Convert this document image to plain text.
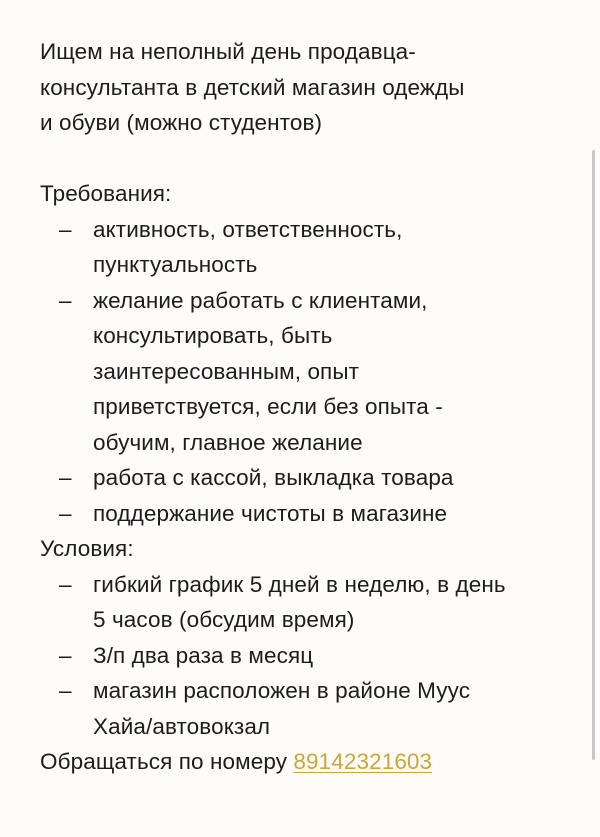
Ищем на неполный день продавца-
консультанта в детский магазин одежды
и обуви (можно студентов)

Требования:
– активность, ответственность,
пунктуальность
– желание работать с клиентами,
консультировать, быть
заинтересованным, опыт
приветствуется, если без опыта -
обучим, главное желание
– работа с кассой, выкладка товара
– поддержание чистоты в магазине
Условия:
– гибкий график 5 дней в неделю, в день
5 часов (обсудим время)
– З/п два раза в месяц
– магазин расположен в районе Муус
Хайа/автовокзал
Обращаться по номеру 89142321603
